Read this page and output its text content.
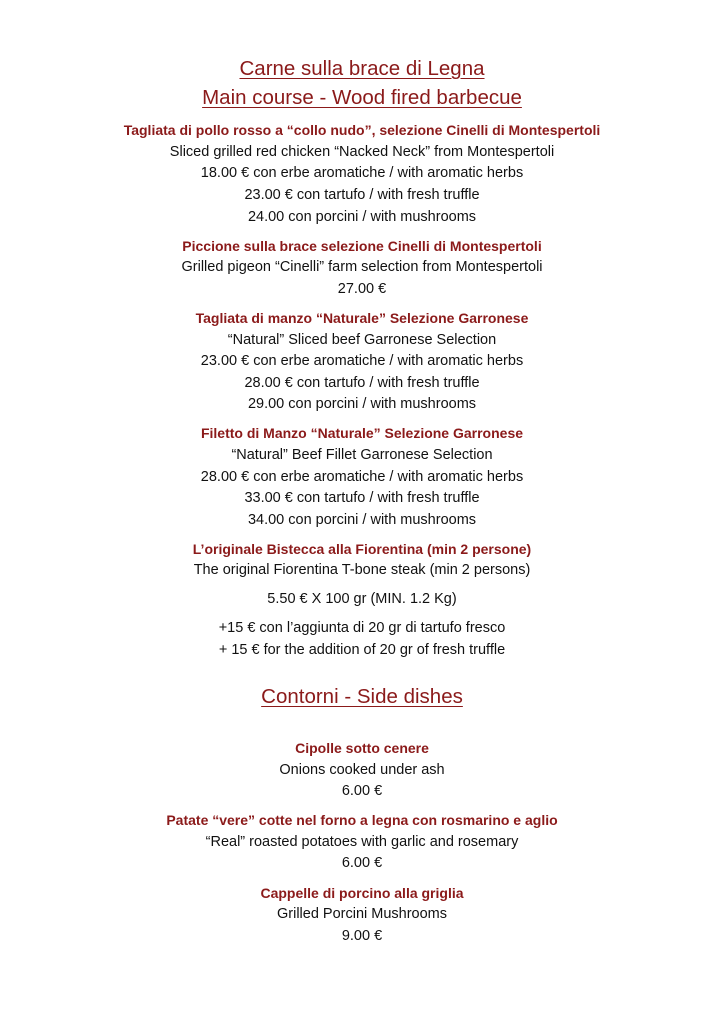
Carne sulla brace di Legna
Main course - Wood fired barbecue
Tagliata di pollo rosso a “collo nudo”, selezione Cinelli di Montespertoli
Sliced grilled red chicken “Nacked Neck” from Montespertoli
18.00 € con erbe aromatiche / with aromatic herbs
23.00 € con tartufo / with fresh truffle
24.00 con porcini / with mushrooms
Piccione sulla brace selezione Cinelli di Montespertoli
Grilled pigeon “Cinelli” farm selection from Montespertoli
27.00 €
Tagliata di manzo “Naturale” Selezione Garronese
“Natural” Sliced beef Garronese Selection
23.00 € con erbe aromatiche / with aromatic herbs
28.00 € con tartufo / with fresh truffle
29.00 con porcini / with mushrooms
Filetto di Manzo “Naturale” Selezione Garronese
“Natural” Beef Fillet Garronese Selection
28.00 € con erbe aromatiche / with aromatic herbs
33.00 € con tartufo / with fresh truffle
34.00 con porcini / with mushrooms
L’originale Bistecca alla Fiorentina (min 2 persone)
The original Fiorentina T-bone steak (min 2 persons)
5.50 € X 100 gr (MIN. 1.2 Kg)
+15 € con l’aggiunta di 20 gr di tartufo fresco
+ 15 € for the addition of 20 gr of fresh truffle
Contorni - Side dishes
Cipolle sotto cenere
Onions cooked under ash
6.00 €
Patate “vere” cotte nel forno a legna con rosmarino e aglio
“Real” roasted potatoes with garlic and rosemary
6.00 €
Cappelle di porcino alla griglia
Grilled Porcini Mushrooms
9.00 €
